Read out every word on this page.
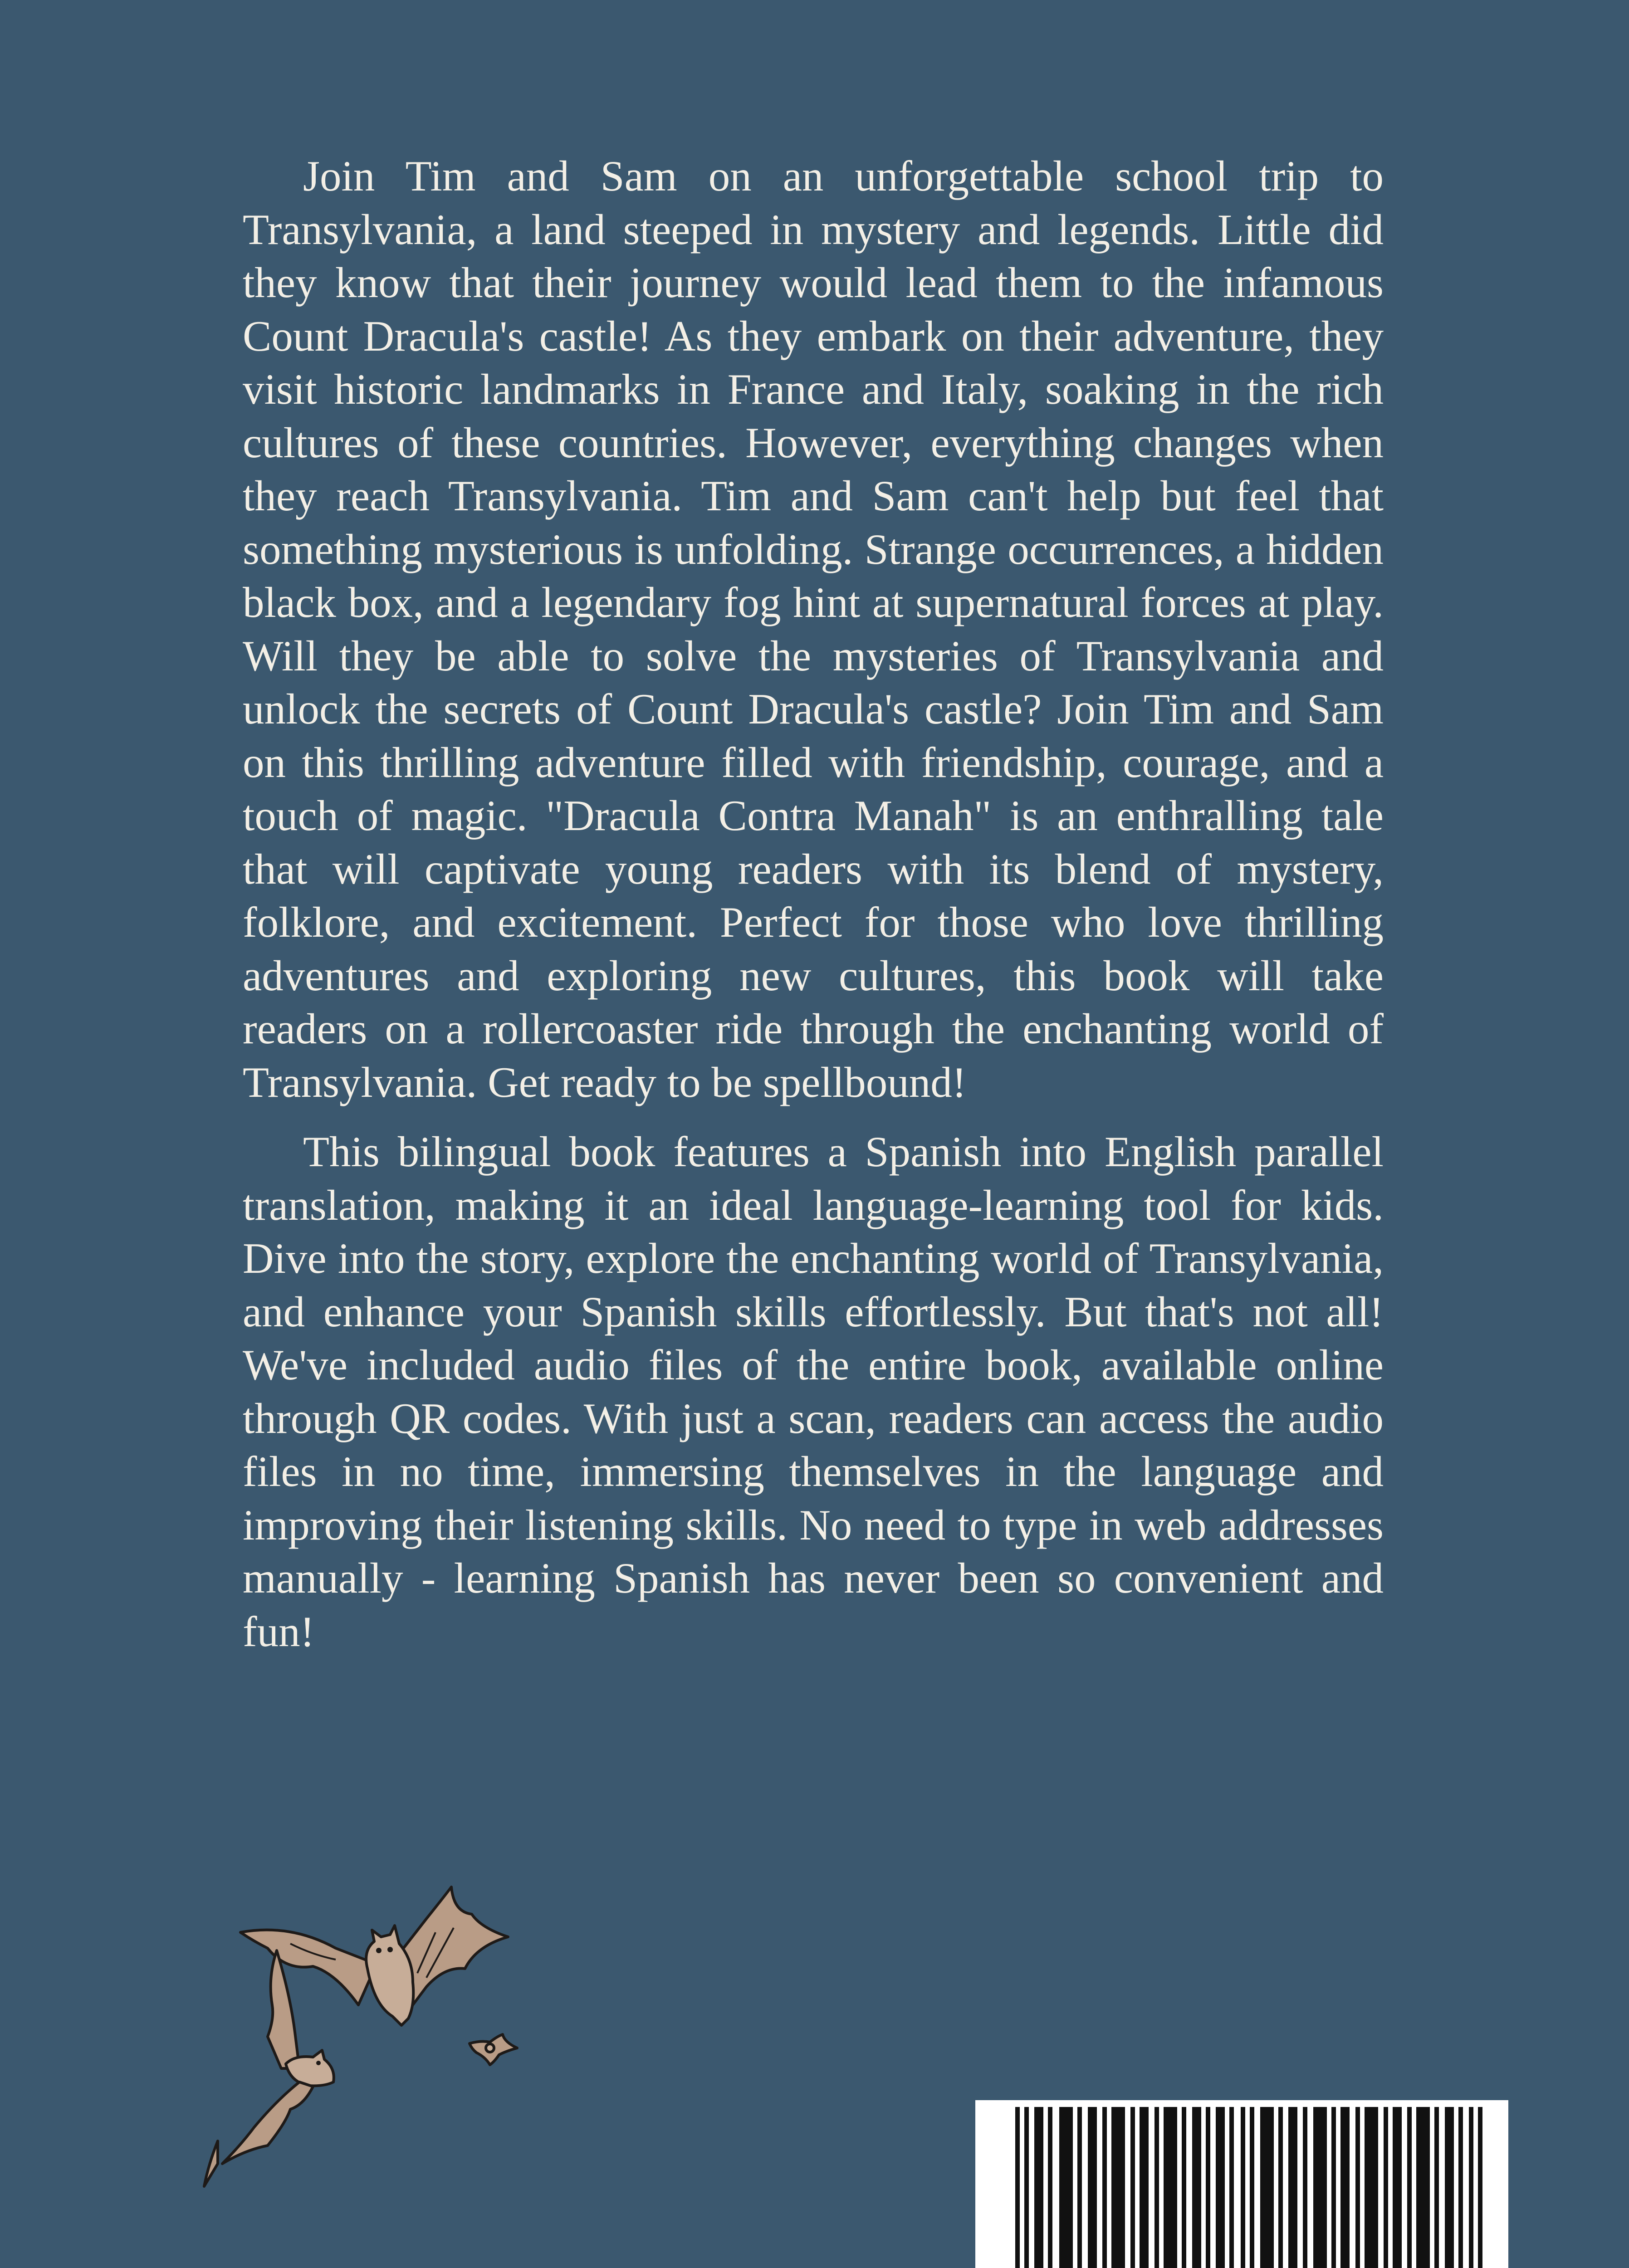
Join Tim and Sam on an unforgettable school trip to Transylvania, a land steeped in mystery and legends. Little did they know that their journey would lead them to the infamous Count Dracula's castle! As they embark on their adventure, they visit historic landmarks in France and Italy, soaking in the rich cultures of these countries. However, everything changes when they reach Transylvania. Tim and Sam can't help but feel that something mysterious is unfolding. Strange occurrences, a hidden black box, and a legendary fog hint at supernatural forces at play. Will they be able to solve the mysteries of Transylvania and unlock the secrets of Count Dracula's castle? Join Tim and Sam on this thrilling adventure filled with friendship, courage, and a touch of magic. "Dracula Contra Manah" is an enthralling tale that will captivate young readers with its blend of mystery, folklore, and excitement. Perfect for those who love thrilling adventures and exploring new cultures, this book will take readers on a rollercoaster ride through the enchanting world of Transylvania. Get ready to be spellbound!

This bilingual book features a Spanish into English parallel translation, making it an ideal language-learning tool for kids. Dive into the story, explore the enchanting world of Transylvania, and enhance your Spanish skills effortlessly. But that's not all! We've included audio files of the entire book, available online through QR codes. With just a scan, readers can access the audio files in no time, immersing themselves in the language and improving their listening skills. No need to type in web addresses manually - learning Spanish has never been so convenient and fun!
